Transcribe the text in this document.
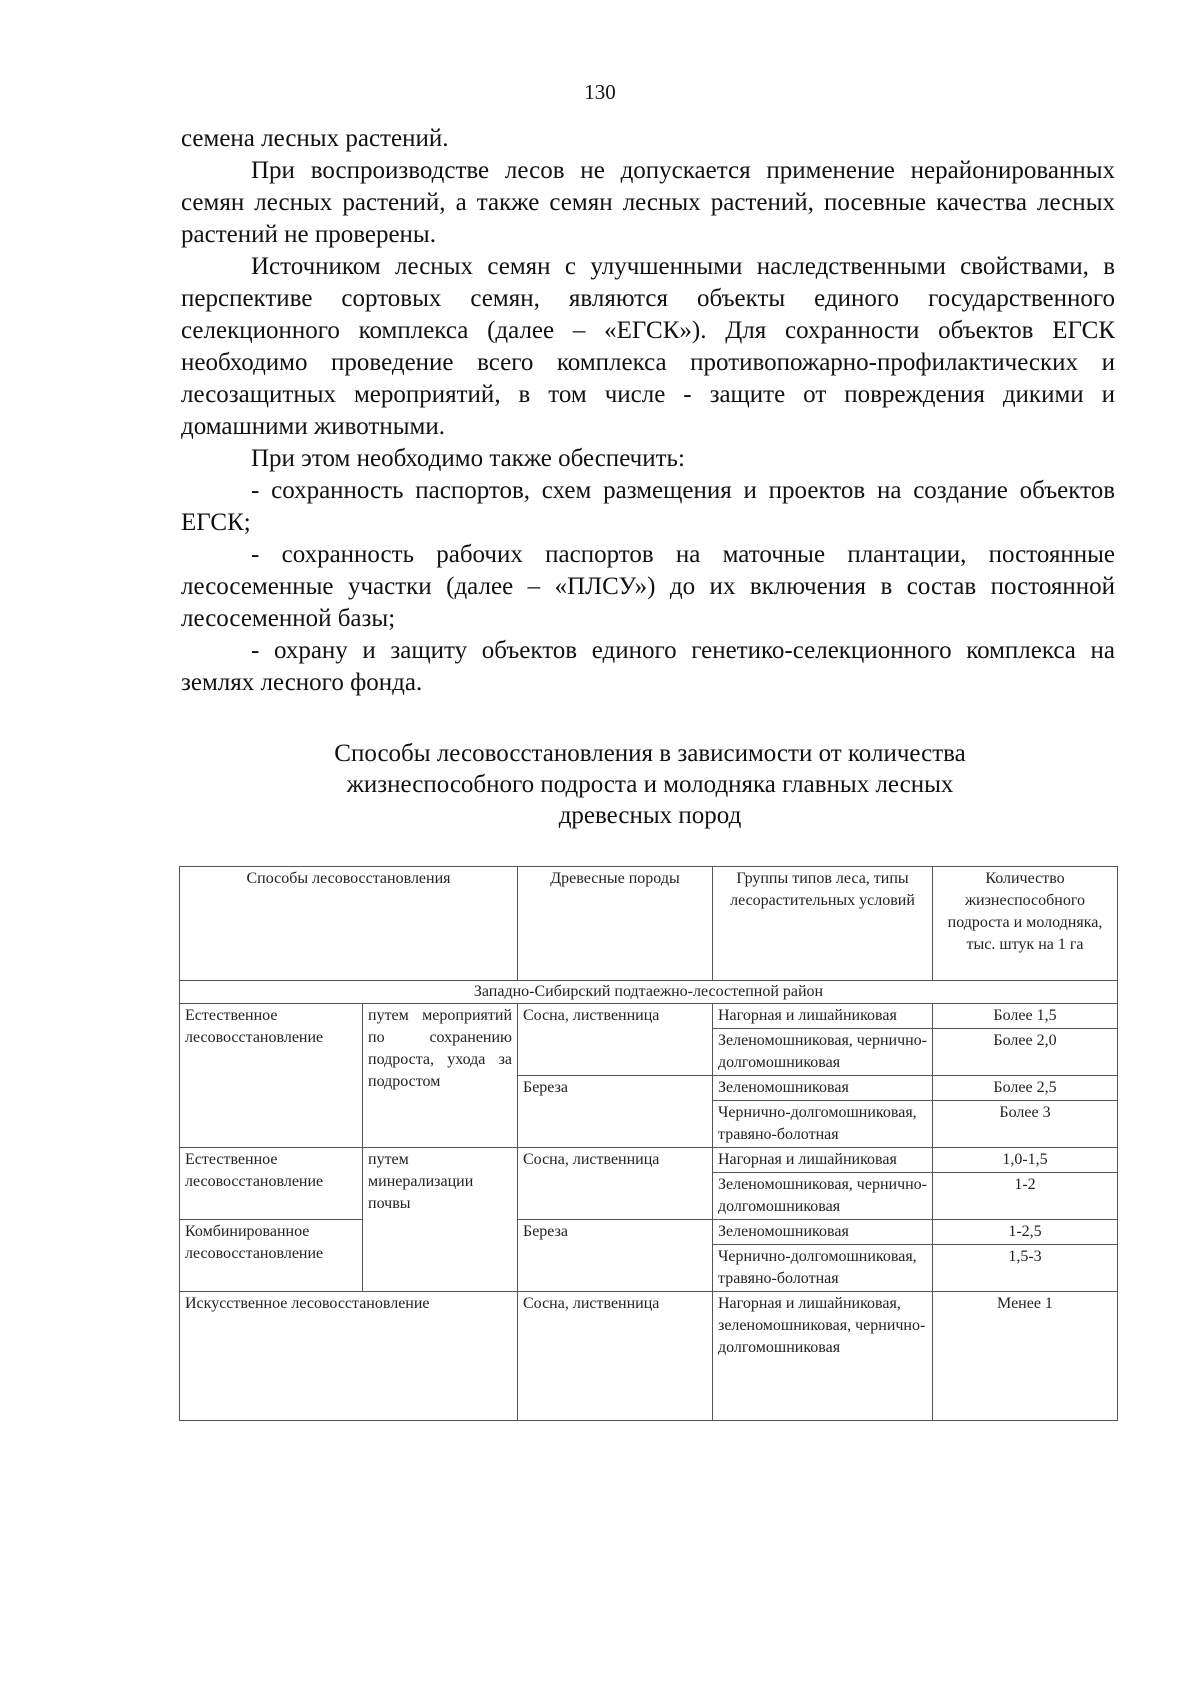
130

семена лесных растений.

При воспроизводстве лесов не допускается применение нерайонированных семян лесных растений, а также семян лесных растений, посевные качества лесных растений не проверены.

Источником лесных семян с улучшенными наследственными свойствами, в перспективе сортовых семян, являются объекты единого государственного селекционного комплекса (далее – «ЕГСК»). Для сохранности объектов ЕГСК необходимо проведение всего комплекса противопожарно-профилактических и лесозащитных мероприятий, в том числе - защите от повреждения дикими и домашними животными.

При этом необходимо также обеспечить:

- сохранность паспортов, схем размещения и проектов на создание объектов ЕГСК;

- сохранность рабочих паспортов на маточные плантации, постоянные лесосеменные участки (далее – «ПЛСУ») до их включения в состав постоянной лесосеменной базы;

- охрану и защиту объектов единого генетико-селекционного комплекса на землях лесного фонда.

Способы лесовосстановления в зависимости от количества
жизнеспособного подроста и молодняка главных лесных
древесных пород
Способы лесовосстановления		Древесные породы	Группы типов леса, типы лесорастительных условий	Количество жизнеспособного подроста и молодняка, тыс. штук на 1 га
Западно-Сибирский подтаежно-лесостепной район				
Естественное лесовосстановление	путем мероприятий по сохранению подроста, ухода за подростом	Сосна, лиственница	Нагорная и лишайниковая	Более 1,5
			Зеленомошниковая, чернично-долгомошниковая	Более 2,0
		Береза	Зеленомошниковая	Более 2,5
			Чернично-долгомошниковая, травяно-болотная	Более 3
Естественное лесовосстановление	путем минерализации почвы	Сосна, лиственница	Нагорная и лишайниковая	1,0-1,5
			Зеленомошниковая, чернично-долгомошниковая	1-2
Комбинированное лесовосстановление		Береза	Зеленомошниковая	1-2,5
			Чернично-долгомошниковая, травяно-болотная	1,5-3
Искусственное лесовосстановление		Сосна, лиственница	Нагорная и лишайниковая, зеленомошниковая, чернично-долгомошниковая	Менее 1
